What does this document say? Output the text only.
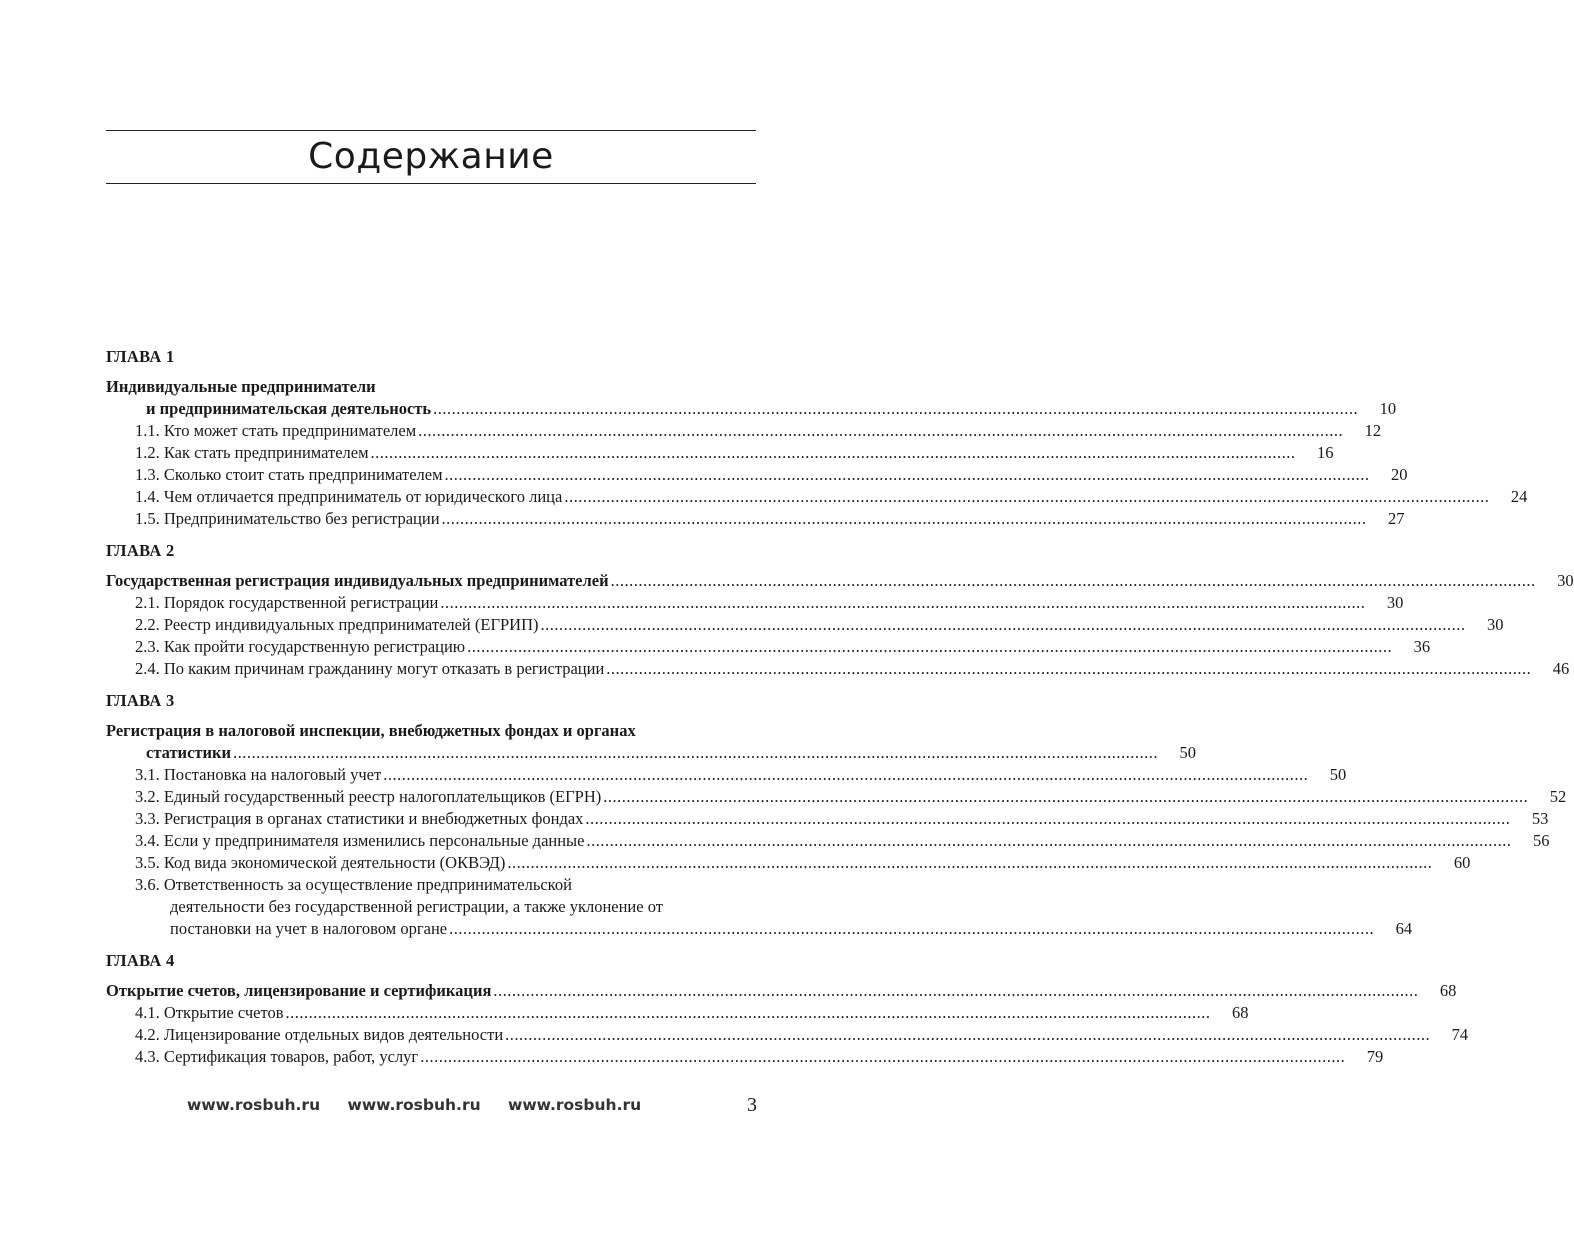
Содержание
ГЛАВА 1
Индивидуальные предприниматели
и предпринимательская деятельность .....	10
1.1. Кто может стать предпринимателем .....	12
1.2. Как стать предпринимателем .....	16
1.3. Сколько стоит стать предпринимателем .....	20
1.4. Чем отличается предприниматель от юридического лица .....	24
1.5. Предпринимательство без регистрации .....	27
ГЛАВА 2
Государственная регистрация индивидуальных предпринимателей .....	30
2.1. Порядок государственной регистрации .....	30
2.2. Реестр индивидуальных предпринимателей (ЕГРИП) .....	30
2.3. Как пройти государственную регистрацию .....	36
2.4. По каким причинам гражданину могут отказать в регистрации .....	46
ГЛАВА 3
Регистрация в налоговой инспекции, внебюджетных фондах и органах
статистики .....	50
3.1. Постановка на налоговый учет .....	50
3.2. Единый государственный реестр налогоплательщиков (ЕГРН) .....	52
3.3. Регистрация в органах статистики и внебюджетных фондах .....	53
3.4. Если у предпринимателя изменились персональные данные .....	56
3.5. Код вида экономической деятельности (ОКВЭД) .....	60
3.6. Ответственность за осуществление предпринимательской
деятельности без государственной регистрации, а также уклонение от
постановки на учет в налоговом органе .....	64
ГЛАВА 4
Открытие счетов, лицензирование и сертификация .....	68
4.1. Открытие счетов .....	68
4.2. Лицензирование отдельных видов деятельности .....	74
4.3. Сертификация товаров, работ, услуг .....	79
www.rosbuh.ru www.rosbuh.ru www.rosbuh.ru	3
